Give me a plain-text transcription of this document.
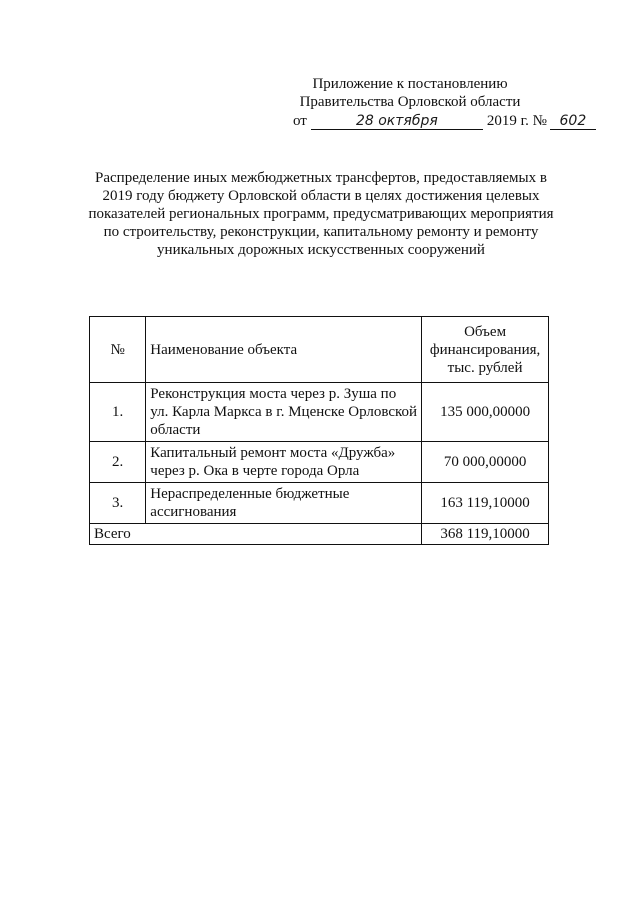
Приложение к постановлению
Правительства Орловской области
от	28 октября	2019 г. № 602
Распределение иных межбюджетных трансфертов, предоставляемых в 2019 году бюджету Орловской области в целях достижения целевых показателей региональных программ, предусматривающих мероприятия по строительству, реконструкции, капитальному ремонту и ремонту уникальных дорожных искусственных сооружений
№	Наименование объекта	Объем финансирования, тыс. рублей
1.	Реконструкция моста через р. Зуша по ул. Карла Маркса в г. Мценске Орловской области	135 000,00000
2.	Капитальный ремонт моста «Дружба» через р. Ока в черте города Орла	70 000,00000
3.	Нераспределенные бюджетные ассигнования	163 119,10000
Всего		368 119,10000
